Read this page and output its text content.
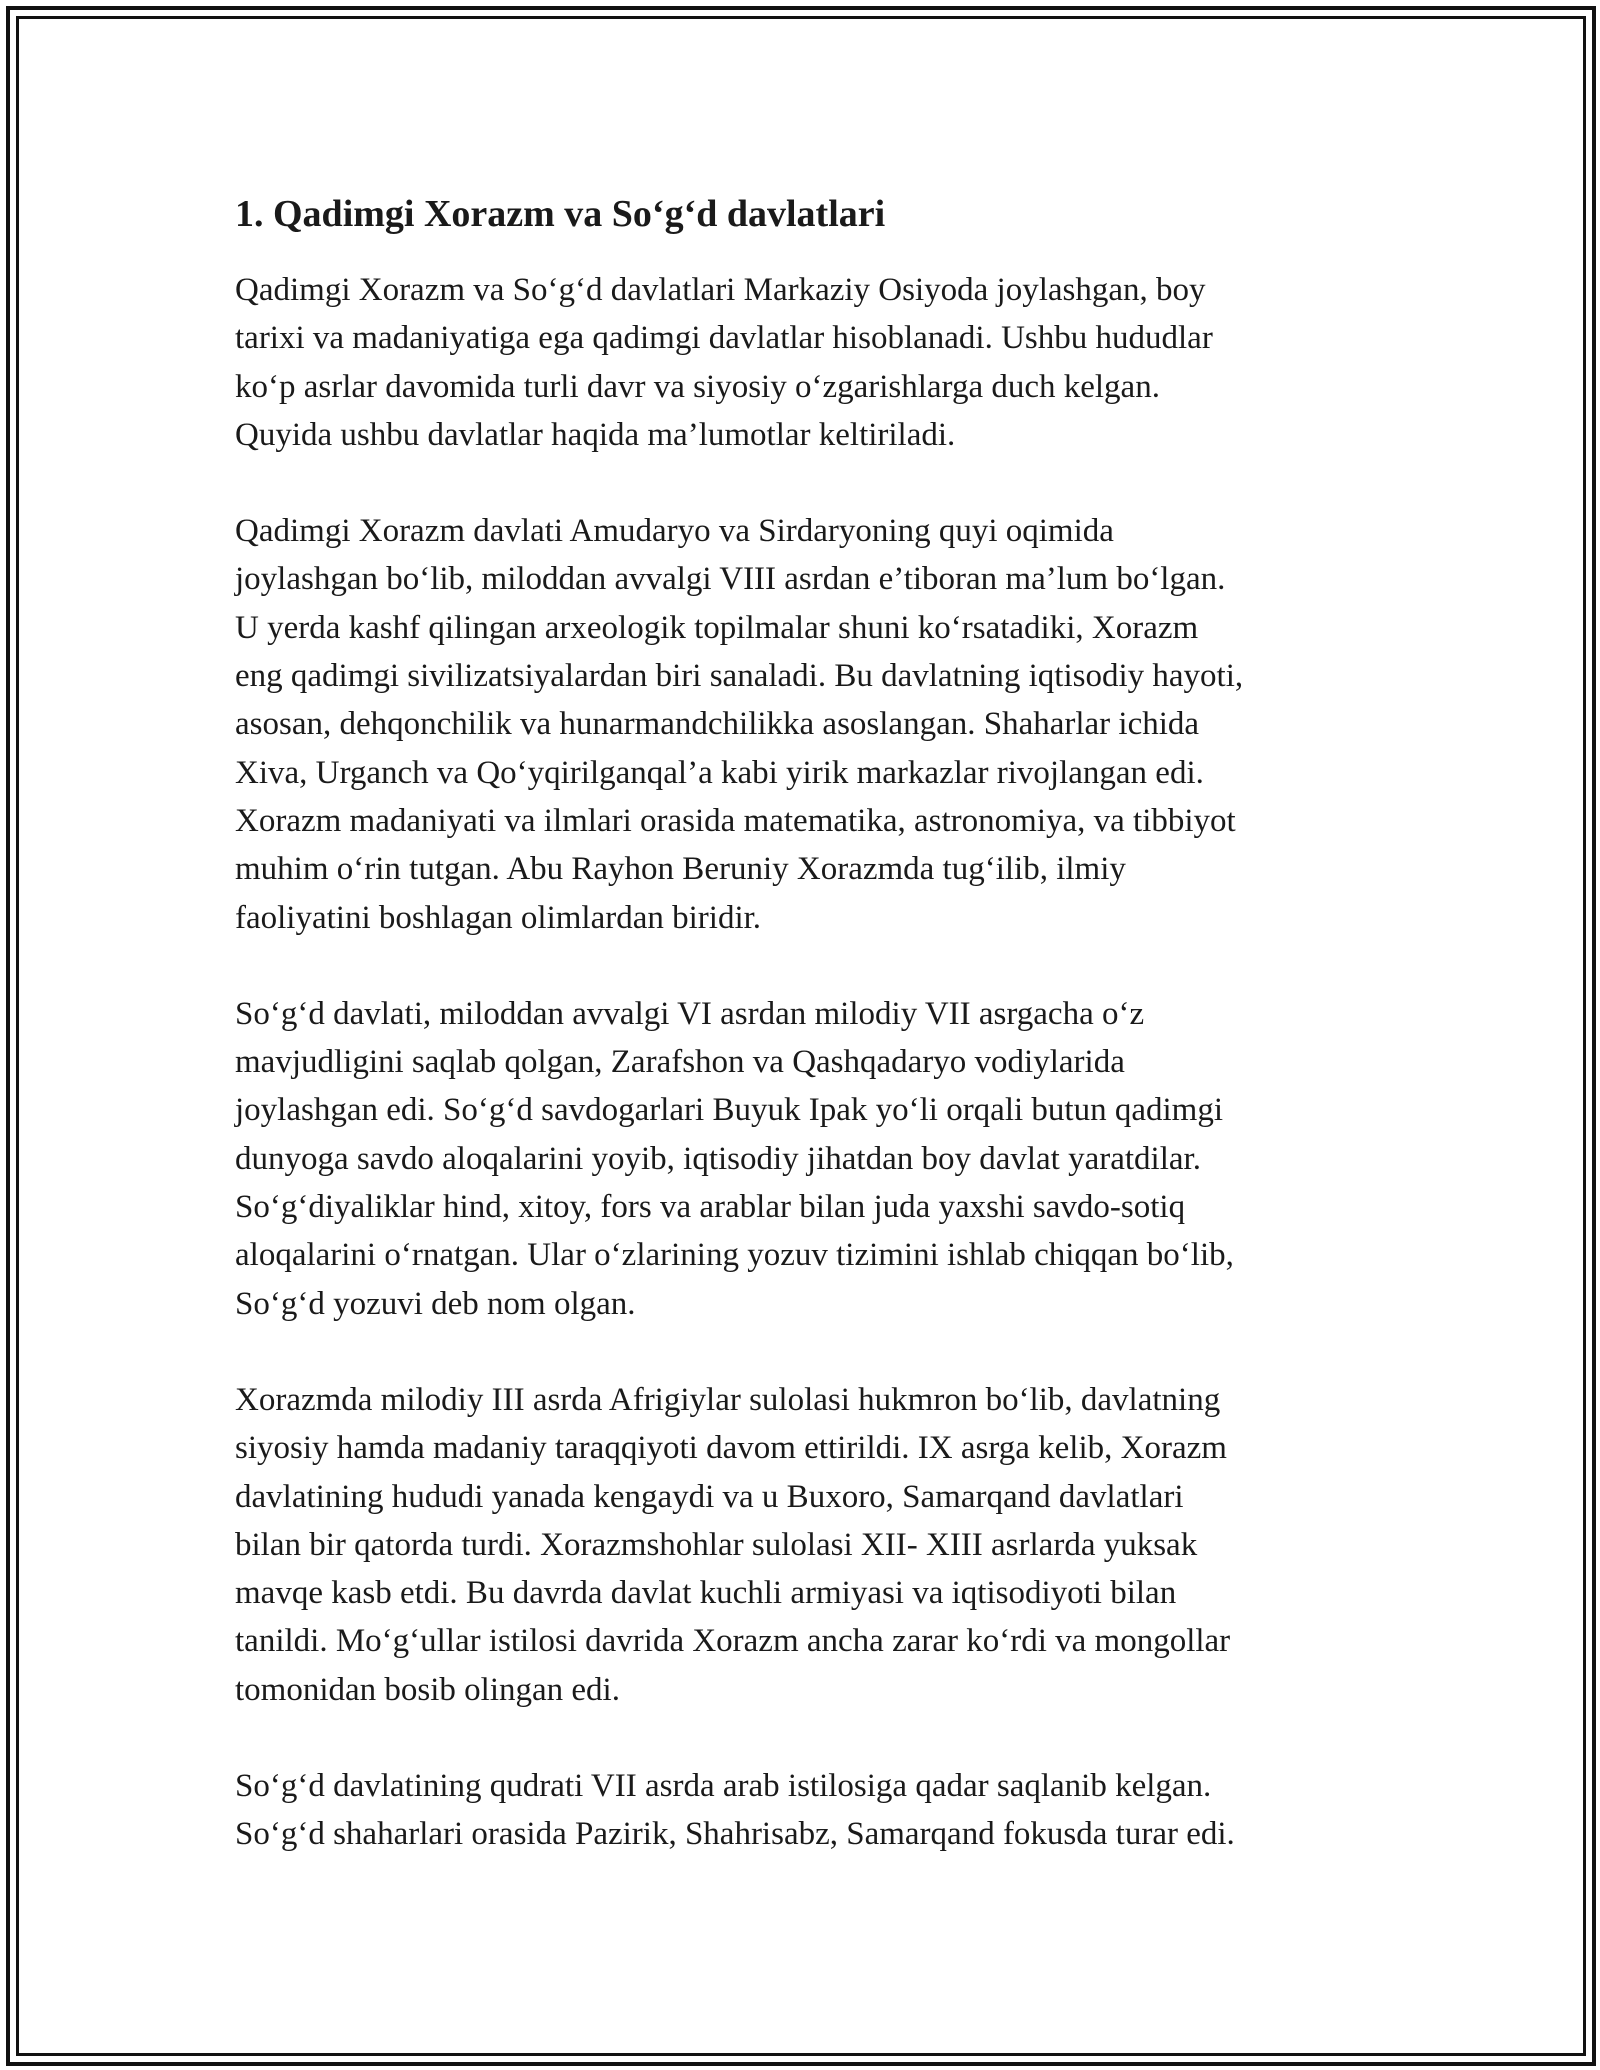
1. Qadimgi Xorazm va So‘g‘d davlatlari

Qadimgi Xorazm va So‘g‘d davlatlari Markaziy Osiyoda joylashgan, boy
tarixi va madaniyatiga ega qadimgi davlatlar hisoblanadi. Ushbu hududlar
ko‘p asrlar davomida turli davr va siyosiy o‘zgarishlarga duch kelgan.
Quyida ushbu davlatlar haqida ma’lumotlar keltiriladi.

Qadimgi Xorazm davlati Amudaryo va Sirdaryoning quyi oqimida
joylashgan bo‘lib, miloddan avvalgi VIII asrdan e’tiboran ma’lum bo‘lgan.
U yerda kashf qilingan arxeologik topilmalar shuni ko‘rsatadiki, Xorazm
eng qadimgi sivilizatsiyalardan biri sanaladi. Bu davlatning iqtisodiy hayoti,
asosan, dehqonchilik va hunarmandchilikka asoslangan. Shaharlar ichida
Xiva, Urganch va Qo‘yqirilganqal’a kabi yirik markazlar rivojlangan edi.
Xorazm madaniyati va ilmlari orasida matematika, astronomiya, va tibbiyot
muhim o‘rin tutgan. Abu Rayhon Beruniy Xorazmda tug‘ilib, ilmiy
faoliyatini boshlagan olimlardan biridir.

So‘g‘d davlati, miloddan avvalgi VI asrdan milodiy VII asrgacha o‘z
mavjudligini saqlab qolgan, Zarafshon va Qashqadaryo vodiylarida
joylashgan edi. So‘g‘d savdogarlari Buyuk Ipak yo‘li orqali butun qadimgi
dunyoga savdo aloqalarini yoyib, iqtisodiy jihatdan boy davlat yaratdilar.
So‘g‘diyaliklar hind, xitoy, fors va arablar bilan juda yaxshi savdo-sotiq
aloqalarini o‘rnatgan. Ular o‘zlarining yozuv tizimini ishlab chiqqan bo‘lib,
So‘g‘d yozuvi deb nom olgan.

Xorazmda milodiy III asrda Afrigiylar sulolasi hukmron bo‘lib, davlatning
siyosiy hamda madaniy taraqqiyoti davom ettirildi. IX asrga kelib, Xorazm
davlatining hududi yanada kengaydi va u Buxoro, Samarqand davlatlari
bilan bir qatorda turdi. Xorazmshohlar sulolasi XII- XIII asrlarda yuksak
mavqe kasb etdi. Bu davrda davlat kuchli armiyasi va iqtisodiyoti bilan
tanildi. Mo‘g‘ullar istilosi davrida Xorazm ancha zarar ko‘rdi va mongollar
tomonidan bosib olingan edi.

So‘g‘d davlatining qudrati VII asrda arab istilosiga qadar saqlanib kelgan.
So‘g‘d shaharlari orasida Pazirik, Shahrisabz, Samarqand fokusda turar edi.
